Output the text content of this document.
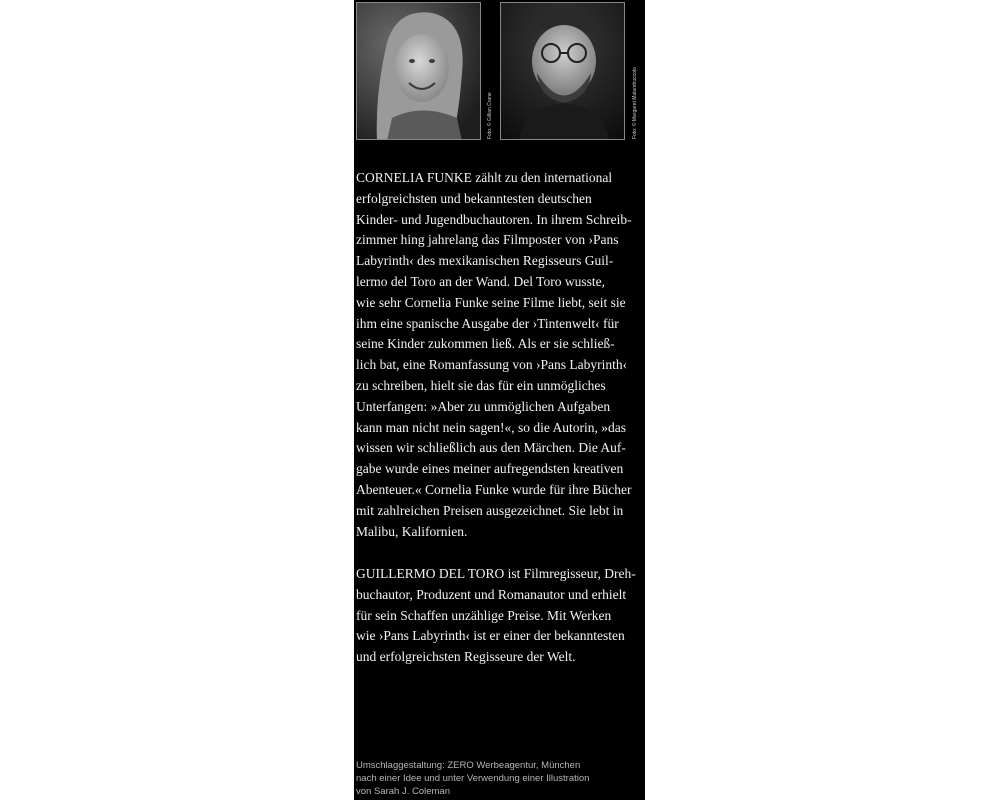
Foto: © Gillian Crane	Foto: © Margaret Malandruccolo

CORNELIA FUNKE zählt zu den international
erfolgreichsten und bekanntesten deutschen
Kinder- und Jugendbuchautoren. In ihrem Schreib-
zimmer hing jahrelang das Filmposter von ›Pans
Labyrinth‹ des mexikanischen Regisseurs Guil-
lermo del Toro an der Wand. Del Toro wusste,
wie sehr Cornelia Funke seine Filme liebt, seit sie
ihm eine spanische Ausgabe der ›Tintenwelt‹ für
seine Kinder zukommen ließ. Als er sie schließ-
lich bat, eine Romanfassung von ›Pans Labyrinth‹
zu schreiben, hielt sie das für ein unmögliches
Unterfangen: »Aber zu unmöglichen Aufgaben
kann man nicht nein sagen!«, so die Autorin, »das
wissen wir schließlich aus den Märchen. Die Auf-
gabe wurde eines meiner aufregendsten kreativen
Abenteuer.« Cornelia Funke wurde für ihre Bücher
mit zahlreichen Preisen ausgezeichnet. Sie lebt in
Malibu, Kalifornien.

GUILLERMO DEL TORO ist Filmregisseur, Dreh-
buchautor, Produzent und Romanautor und erhielt
für sein Schaffen unzählige Preise. Mit Werken
wie ›Pans Labyrinth‹ ist er einer der bekanntesten
und erfolgreichsten Regisseure der Welt.

Umschlaggestaltung: ZERO Werbeagentur, München
nach einer Idee und unter Verwendung einer Illustration
von Sarah J. Coleman
